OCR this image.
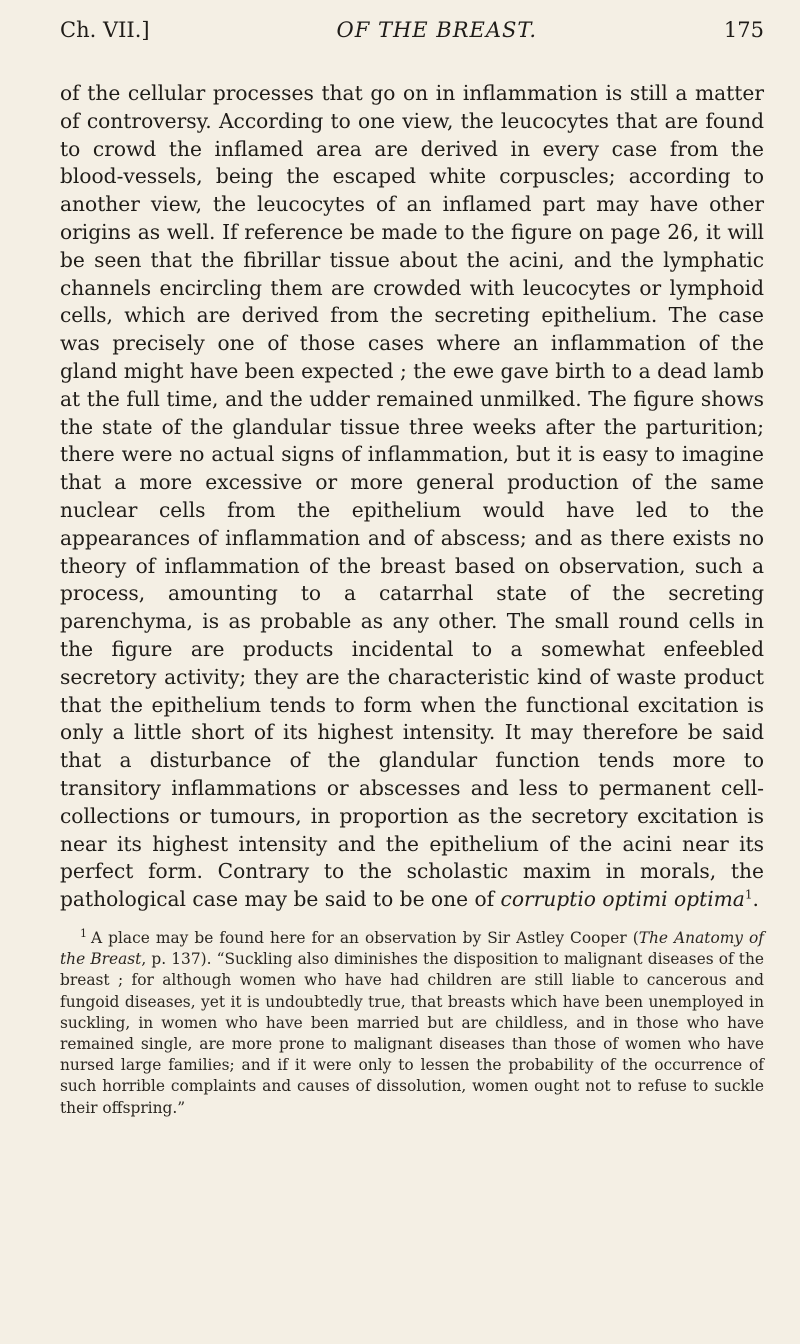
Ch. VII.]	OF THE BREAST.	175
of the cellular processes that go on in inflammation is still a matter of controversy. According to one view, the leucocytes that are found to crowd the inflamed area are derived in every case from the blood-vessels, being the escaped white corpuscles; according to another view, the leucocytes of an inflamed part may have other origins as well. If reference be made to the figure on page 26, it will be seen that the fibrillar tissue about the acini, and the lymphatic channels encircling them are crowded with leucocytes or lymphoid cells, which are derived from the secreting epithelium. The case was precisely one of those cases where an inflammation of the gland might have been expected ; the ewe gave birth to a dead lamb at the full time, and the udder remained unmilked. The figure shows the state of the glandular tissue three weeks after the parturition; there were no actual signs of inflammation, but it is easy to imagine that a more excessive or more general production of the same nuclear cells from the epithelium would have led to the appearances of inflammation and of abscess; and as there exists no theory of inflammation of the breast based on observation, such a process, amounting to a catarrhal state of the secreting parenchyma, is as probable as any other. The small round cells in the figure are products incidental to a somewhat enfeebled secretory activity; they are the characteristic kind of waste product that the epithelium tends to form when the functional excitation is only a little short of its highest intensity. It may therefore be said that a disturbance of the glandular function tends more to transitory inflammations or abscesses and less to permanent cell-collections or tumours, in proportion as the secretory excitation is near its highest intensity and the epithelium of the acini near its perfect form. Contrary to the scholastic maxim in morals, the pathological case may be said to be one of corruptio optimi optima$^1$.
$^1$ A place may be found here for an observation by Sir Astley Cooper (The Anatomy of the Breast, p. 137). “Suckling also diminishes the disposition to malignant diseases of the breast ; for although women who have had children are still liable to cancerous and fungoid diseases, yet it is undoubtedly true, that breasts which have been unemployed in suckling, in women who have been married but are childless, and in those who have remained single, are more prone to malignant diseases than those of women who have nursed large families; and if it were only to lessen the probability of the occurrence of such horrible complaints and causes of dissolution, women ought not to refuse to suckle their offspring.”
